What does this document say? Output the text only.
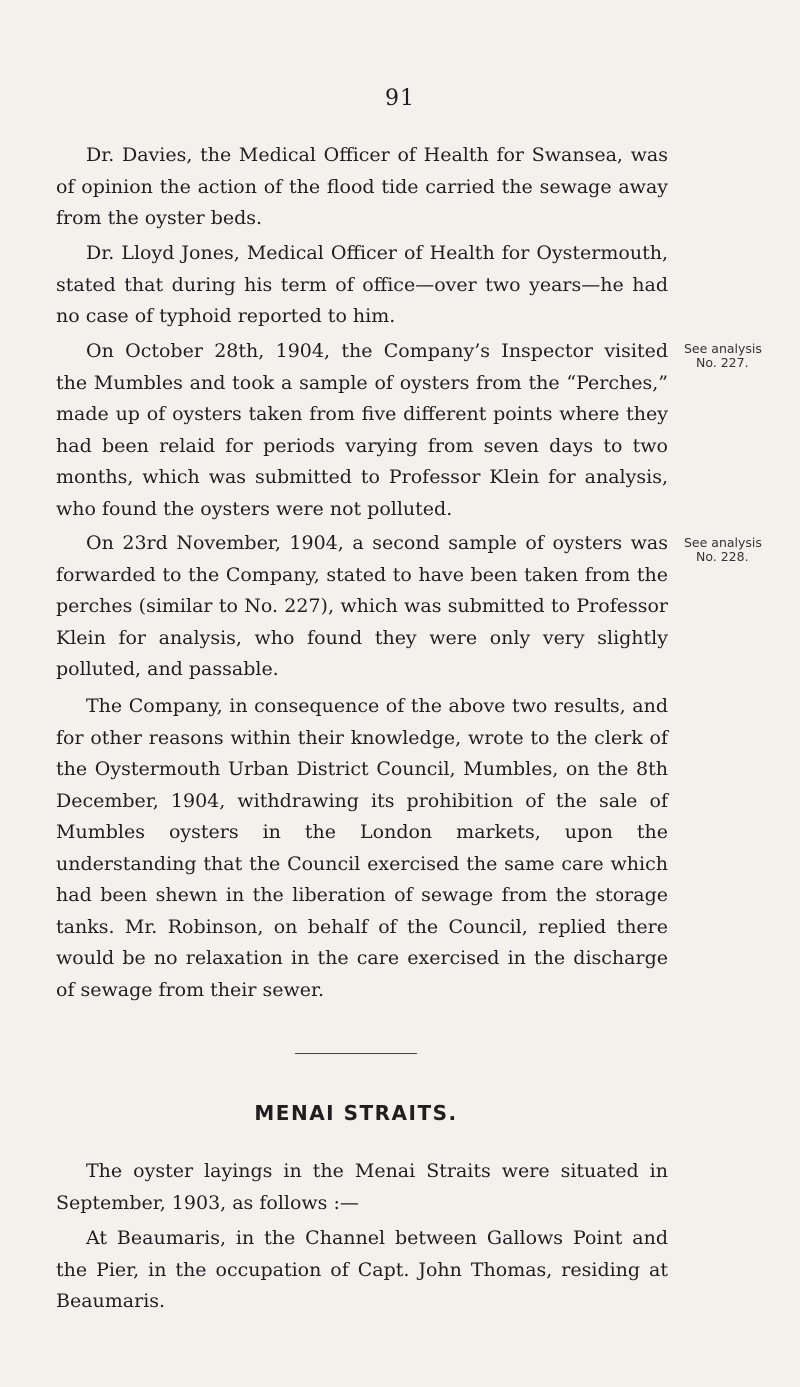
91

Dr. Davies, the Medical Officer of Health for Swansea, was of opinion the action of the flood tide carried the sewage away from the oyster beds.

Dr. Lloyd Jones, Medical Officer of Health for Oystermouth, stated that during his term of office—over two years—he had no case of typhoid reported to him.

On October 28th, 1904, the Company’s Inspector visited the Mumbles and took a sample of oysters from the “Perches,” made up of oysters taken from five different points where they had been relaid for periods varying from seven days to two months, which was submitted to Professor Klein for analysis, who found the oysters were not polluted.

See analysis
No. 227.

On 23rd November, 1904, a second sample of oysters was forwarded to the Company, stated to have been taken from the perches (similar to No. 227), which was submitted to Professor Klein for analysis, who found they were only very slightly polluted, and passable.

See analysis
No. 228.

The Company, in consequence of the above two results, and for other reasons within their knowledge, wrote to the clerk of the Oystermouth Urban District Council, Mumbles, on the 8th December, 1904, withdrawing its prohibition of the sale of Mumbles oysters in the London markets, upon the understanding that the Council exercised the same care which had been shewn in the liberation of sewage from the storage tanks. Mr. Robinson, on behalf of the Council, replied there would be no relaxation in the care exercised in the discharge of sewage from their sewer.

MENAI STRAITS.

The oyster layings in the Menai Straits were situated in September, 1903, as follows :—

At Beaumaris, in the Channel between Gallows Point and the Pier, in the occupation of Capt. John Thomas, residing at Beaumaris.
